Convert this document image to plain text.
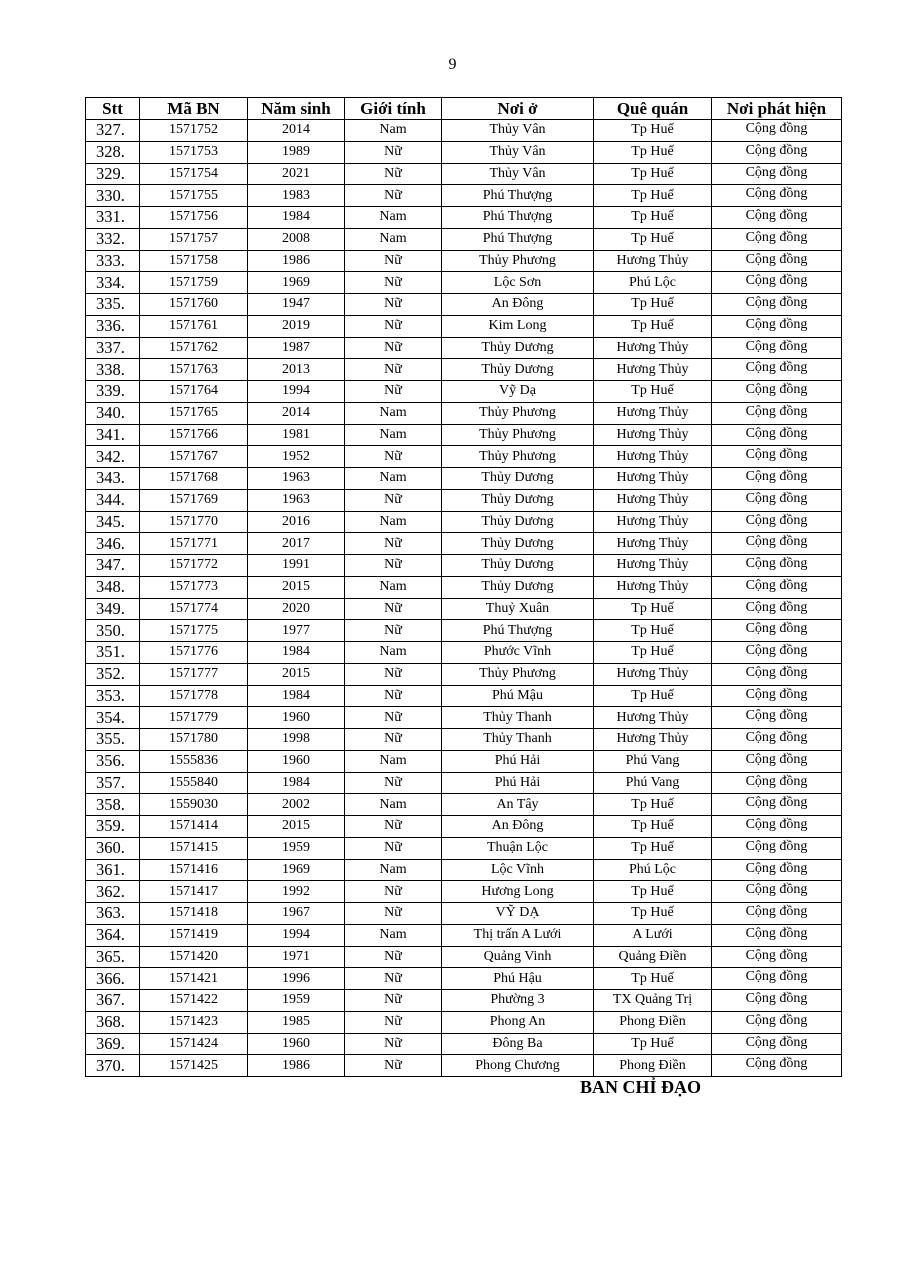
9
Stt	Mã BN	Năm sinh	Giới tính	Nơi ở	Quê quán	Nơi phát hiện
327.	1571752	2014	Nam	Thủy Vân	Tp Huế	Cộng đồng
328.	1571753	1989	Nữ	Thủy Vân	Tp Huế	Cộng đồng
329.	1571754	2021	Nữ	Thủy Vân	Tp Huế	Cộng đồng
330.	1571755	1983	Nữ	Phú Thượng	Tp Huế	Cộng đồng
331.	1571756	1984	Nam	Phú Thượng	Tp Huế	Cộng đồng
332.	1571757	2008	Nam	Phú Thượng	Tp Huế	Cộng đồng
333.	1571758	1986	Nữ	Thủy Phương	Hương Thủy	Cộng đồng
334.	1571759	1969	Nữ	Lộc Sơn	Phú Lộc	Cộng đồng
335.	1571760	1947	Nữ	An Đông	Tp Huế	Cộng đồng
336.	1571761	2019	Nữ	Kim Long	Tp Huế	Cộng đồng
337.	1571762	1987	Nữ	Thủy Dương	Hương Thủy	Cộng đồng
338.	1571763	2013	Nữ	Thủy Dương	Hương Thủy	Cộng đồng
339.	1571764	1994	Nữ	Vỹ Dạ	Tp Huế	Cộng đồng
340.	1571765	2014	Nam	Thủy Phương	Hương Thủy	Cộng đồng
341.	1571766	1981	Nam	Thủy Phương	Hương Thủy	Cộng đồng
342.	1571767	1952	Nữ	Thủy Phương	Hương Thủy	Cộng đồng
343.	1571768	1963	Nam	Thủy Dương	Hương Thủy	Cộng đồng
344.	1571769	1963	Nữ	Thủy Dương	Hương Thủy	Cộng đồng
345.	1571770	2016	Nam	Thủy Dương	Hương Thủy	Cộng đồng
346.	1571771	2017	Nữ	Thủy Dương	Hương Thủy	Cộng đồng
347.	1571772	1991	Nữ	Thủy Dương	Hương Thủy	Cộng đồng
348.	1571773	2015	Nam	Thủy Dương	Hương Thủy	Cộng đồng
349.	1571774	2020	Nữ	Thuỷ Xuân	Tp Huế	Cộng đồng
350.	1571775	1977	Nữ	Phú Thượng	Tp Huế	Cộng đồng
351.	1571776	1984	Nam	Phước Vĩnh	Tp Huế	Cộng đồng
352.	1571777	2015	Nữ	Thủy Phương	Hương Thủy	Cộng đồng
353.	1571778	1984	Nữ	Phú Mậu	Tp Huế	Cộng đồng
354.	1571779	1960	Nữ	Thủy Thanh	Hương Thủy	Cộng đồng
355.	1571780	1998	Nữ	Thủy Thanh	Hương Thủy	Cộng đồng
356.	1555836	1960	Nam	Phú Hải	Phú Vang	Cộng đồng
357.	1555840	1984	Nữ	Phú Hải	Phú Vang	Cộng đồng
358.	1559030	2002	Nam	An Tây	Tp Huế	Cộng đồng
359.	1571414	2015	Nữ	An Đông	Tp Huế	Cộng đồng
360.	1571415	1959	Nữ	Thuận Lộc	Tp Huế	Cộng đồng
361.	1571416	1969	Nam	Lộc Vĩnh	Phú Lộc	Cộng đồng
362.	1571417	1992	Nữ	Hương Long	Tp Huế	Cộng đồng
363.	1571418	1967	Nữ	VỸ DẠ	Tp Huế	Cộng đồng
364.	1571419	1994	Nam	Thị trấn A Lưới	A Lưới	Cộng đồng
365.	1571420	1971	Nữ	Quảng Vinh	Quảng Điền	Cộng đồng
366.	1571421	1996	Nữ	Phú Hậu	Tp Huế	Cộng đồng
367.	1571422	1959	Nữ	Phường 3	TX Quảng Trị	Cộng đồng
368.	1571423	1985	Nữ	Phong An	Phong Điền	Cộng đồng
369.	1571424	1960	Nữ	Đông Ba	Tp Huế	Cộng đồng
370.	1571425	1986	Nữ	Phong Chương	Phong Điền	Cộng đồng
BAN CHỈ ĐẠO
